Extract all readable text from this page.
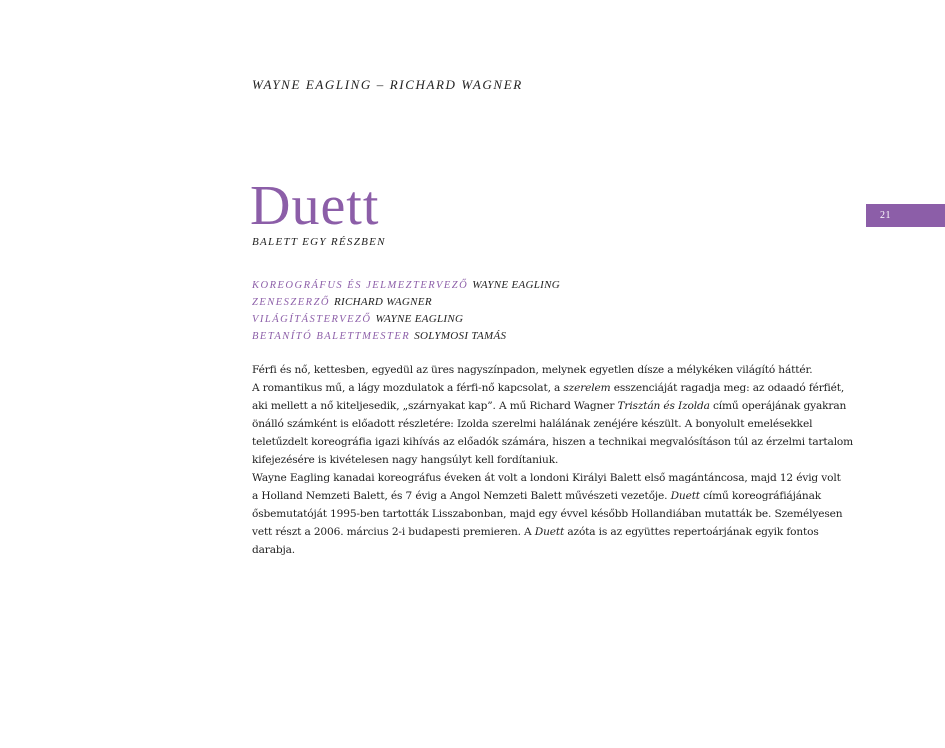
WAYNE EAGLING – RICHARD WAGNER
Duett
BALETT EGY RÉSZBEN
21
KOREOGRÁFUS ÉS JELMEZTERVEZŐ WAYNE EAGLING
ZENESZERZŐ RICHARD WAGNER
VILÁGÍTÁSTERVEZŐ WAYNE EAGLING
BETANÍTÓ BALETTMESTER SOLYMOSI TAMÁS
Férfi és nő, kettesben, egyedül az üres nagyszínpadon, melynek egyetlen dísze a mélykéken világító háttér.
A romantikus mű, a lágy mozdulatok a férfi-nő kapcsolat, a szerelem esszenciáját ragadja meg: az odaadó férfiét,
aki mellett a nő kiteljesedik, „szárnyakat kap”. A mű Richard Wagner Trisztán és Izolda című operájának gyakran
önálló számként is előadott részletére: Izolda szerelmi halálának zenéjére készült. A bonyolult emelésekkel
teletűzdelt koreográfia igazi kihívás az előadók számára, hiszen a technikai megvalósításon túl az érzelmi tartalom
kifejezésére is kivételesen nagy hangsúlyt kell fordítaniuk.
Wayne Eagling kanadai koreográfus éveken át volt a londoni Királyi Balett első magántáncosa, majd 12 évig volt
a Holland Nemzeti Balett, és 7 évig a Angol Nemzeti Balett művészeti vezetője. Duett című koreográfiájának
ősbemutatóját 1995-ben tartották Lisszabonban, majd egy évvel később Hollandiában mutatták be. Személyesen
vett részt a 2006. március 2-i budapesti premieren. A Duett azóta is az együttes repertoárjának egyik fontos
darabja.
